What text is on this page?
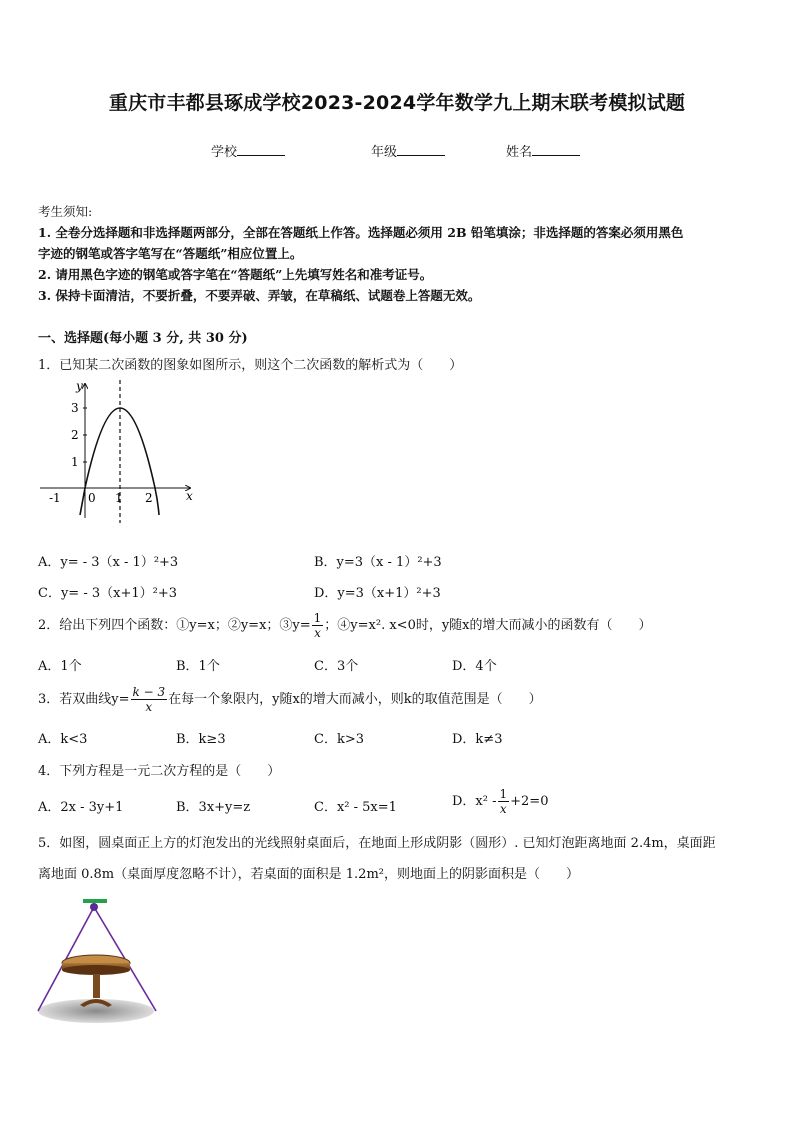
重庆市丰都县琢成学校2023-2024学年数学九上期末联考模拟试题
学校	年级	姓名
考生须知:
1. 全卷分选择题和非选择题两部分，全部在答题纸上作答。选择题必须用 2B 铅笔填涂；非选择题的答案必须用黑色
字迹的钢笔或答字笔写在“答题纸”相应位置上。
2. 请用黑色字迹的钢笔或答字笔在“答题纸”上先填写姓名和准考证号。
3. 保持卡面清洁，不要折叠，不要弄破、弄皱，在草稿纸、试题卷上答题无效。
一、选择题(每小题 3 分, 共 30 分)
1．已知某二次函数的图象如图所示，则这个二次函数的解析式为（　　）
y
x
3
2
1
-1 0 1 2
A．y= - 3（x - 1）²+3	B．y=3（x - 1）²+3
C．y= - 3（x+1）²+3	D．y=3（x+1）²+3
2．给出下列四个函数：①y=x；②y=x；③y= $\frac{1}{x}$ ；④y=x². x<0时，y随x的增大而减小的函数有（　　）
A．1个	B．1个	C．3个	D．4个
3．若双曲线$y= \frac{k - 3}{x}$ 在每一个象限内，y随x的增大而减小，则k的取值范围是（　　）
A．k<3	B．k≥3	C．k>3	D．k≠3
4．下列方程是一元二次方程的是（　　）
A．2x - 3y+1	B．3x+y=z	C．x² - 5x=1	D．$x^2 - \frac{1}{x} +2=0$
5．如图，圆桌面正上方的灯泡发出的光线照射桌面后，在地面上形成阴影（圆形）. 已知灯泡距离地面 2.4m，桌面距
离地面 0.8m（桌面厚度忽略不计），若桌面的面积是 1.2m²，则地面上的阴影面积是（　　）
